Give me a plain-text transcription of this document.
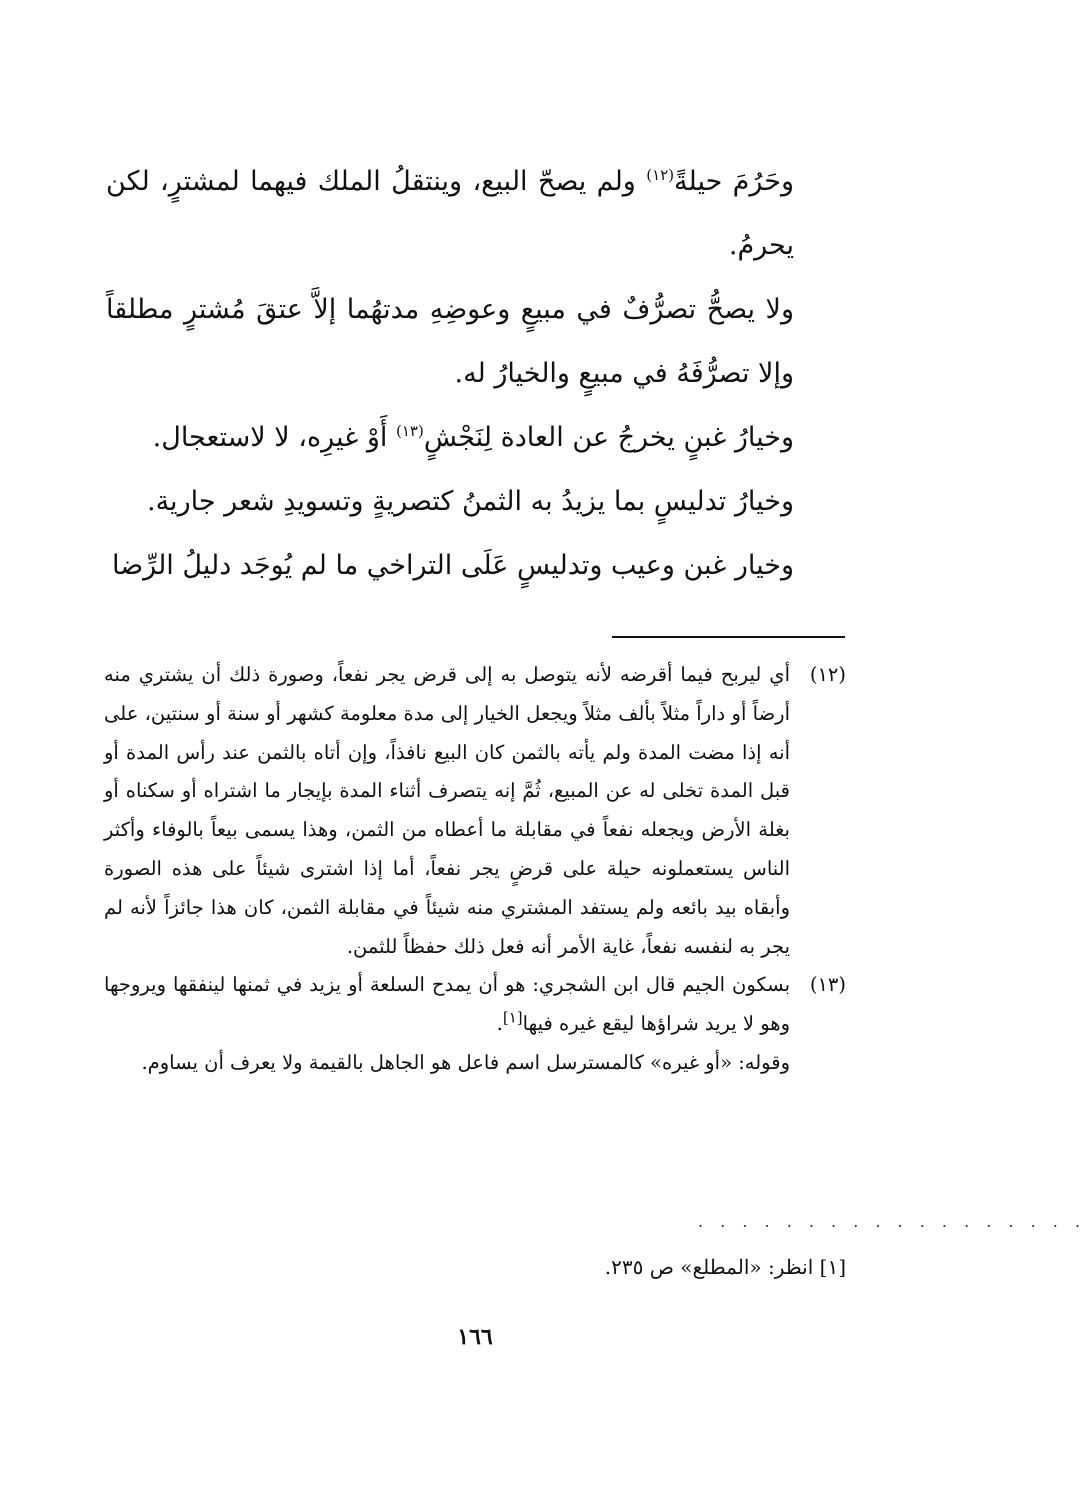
وحَرُمَ حيلةً$^{(١٢)}$ ولم يصحّ البيع، وينتقلُ الملك فيهما لمشترٍ، لكن يحرمُ.

ولا يصحُّ تصرُّفٌ في مبيعٍ وعوضِهِ مدتهُما إلاَّ عتقَ مُشترٍ مطلقاً وإلا تصرُّفَهُ في مبيعٍ والخيارُ له.

وخيارُ غبنٍ يخرجُ عن العادة لِنَجْشٍ$^{(١٣)}$ أَوْ غيرِه، لا لاستعجال.

وخيارُ تدليسٍ بما يزيدُ به الثمنُ كتصريةٍ وتسويدِ شعر جارية.

وخيار غبن وعيب وتدليسٍ عَلَى التراخي ما لم يُوجَد دليلُ الرِّضا

(١٢)
أي ليربح فيما أقرضه لأنه يتوصل به إلى قرض يجر نفعاً، وصورة ذلك أن يشتري منه أرضاً أو داراً مثلاً بألف مثلاً ويجعل الخيار إلى مدة معلومة كشهر أو سنة أو سنتين، على أنه إذا مضت المدة ولم يأته بالثمن كان البيع نافذاً، وإن أتاه بالثمن عند رأس المدة أو قبل المدة تخلى له عن المبيع، ثُمَّ إنه يتصرف أثناء المدة بإيجار ما اشتراه أو سكناه أو بغلة الأرض ويجعله نفعاً في مقابلة ما أعطاه من الثمن، وهذا يسمى بيعاً بالوفاء وأكثر الناس يستعملونه حيلة على قرضٍ يجر نفعاً، أما إذا اشترى شيئاً على هذه الصورة وأبقاه بيد بائعه ولم يستفد المشتري منه شيئاً في مقابلة الثمن، كان هذا جائزاً لأنه لم يجر به لنفسه نفعاً، غاية الأمر أنه فعل ذلك حفظاً للثمن.

(١٣)
بسكون الجيم قال ابن الشجري: هو أن يمدح السلعة أو يزيد في ثمنها لينفقها ويروجها وهو لا يريد شراؤها ليقع غيره فيها[١].

وقوله: «أو غيره» كالمسترسل اسم فاعل هو الجاهل بالقيمة ولا يعرف أن يساوم.

. . . . . . . . . . . . . . . . . .
[١] انظر: «المطلع» ص ٢٣٥.
١٦٦
